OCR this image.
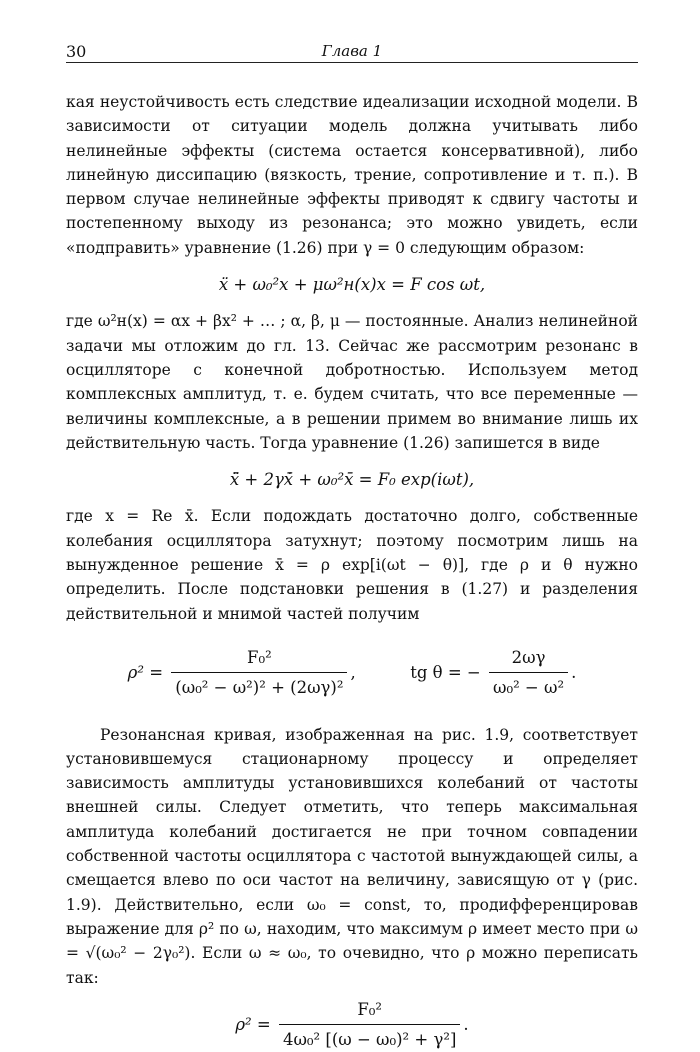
30	Глава 1

кая неустойчивость есть следствие идеализации исходной модели. В зависимости от ситуации модель должна учитывать либо нелинейные эффекты (система остается консервативной), либо линейную диссипацию (вязкость, трение, сопротивление и т. п.). В первом случае нелинейные эффекты приводят к сдвигу частоты и постепенному выходу из резонанса; это можно увидеть, если «подправить» уравнение (1.26) при γ = 0 следующим образом:

ẍ + ω₀²x + μω²н(x)x = F cos ωt,

где ω²н(x) = αx + βx² + … ; α, β, μ — постоянные. Анализ нелинейной задачи мы отложим до гл. 13. Сейчас же рассмотрим резонанс в осцилляторе с конечной добротностью. Используем метод комплексных амплитуд, т. е. будем считать, что все переменные — величины комплексные, а в решении примем во внимание лишь их действительную часть. Тогда уравнение (1.26) запишется в виде

x̄̈ + 2γx̄̇ + ω₀²x̄ = F₀ exp(iωt),

где x = Re x̄. Если подождать достаточно долго, собственные колебания осциллятора затухнут; поэтому посмотрим лишь на вынужденное решение x̄ = ρ exp[i(ωt − θ)], где ρ и θ нужно определить. После подстановки решения в (1.27) и разделения действительной и мнимой частей получим

$\rho^2 = \frac{\text{F₀²}}{\text{(ω₀² − ω²)² + (2ωγ)²}}$ ,	tg θ = − $\frac{2\omega\gamma}{\text{ω₀² − ω²}}$ .

Резонансная кривая, изображенная на рис. 1.9, соответствует установившемуся стационарному процессу и определяет зависимость амплитуды установившихся колебаний от частоты внешней силы. Следует отметить, что теперь максимальная амплитуда колебаний достигается не при точном совпадении собственной частоты осциллятора с частотой вынуждающей силы, а смещается влево по оси частот на величину, зависящую от γ (рис. 1.9). Действительно, если ω₀ = const, то, продифференцировав выражение для ρ² по ω, находим, что максимум ρ имеет место при ω = √(ω₀² − 2γ₀²). Если ω ≈ ω₀, то очевидно, что ρ можно переписать так:

$\rho^2 = \frac{\text{F₀²}}{\text{4ω₀² [(ω − ω₀)² + γ²]}}$ .
